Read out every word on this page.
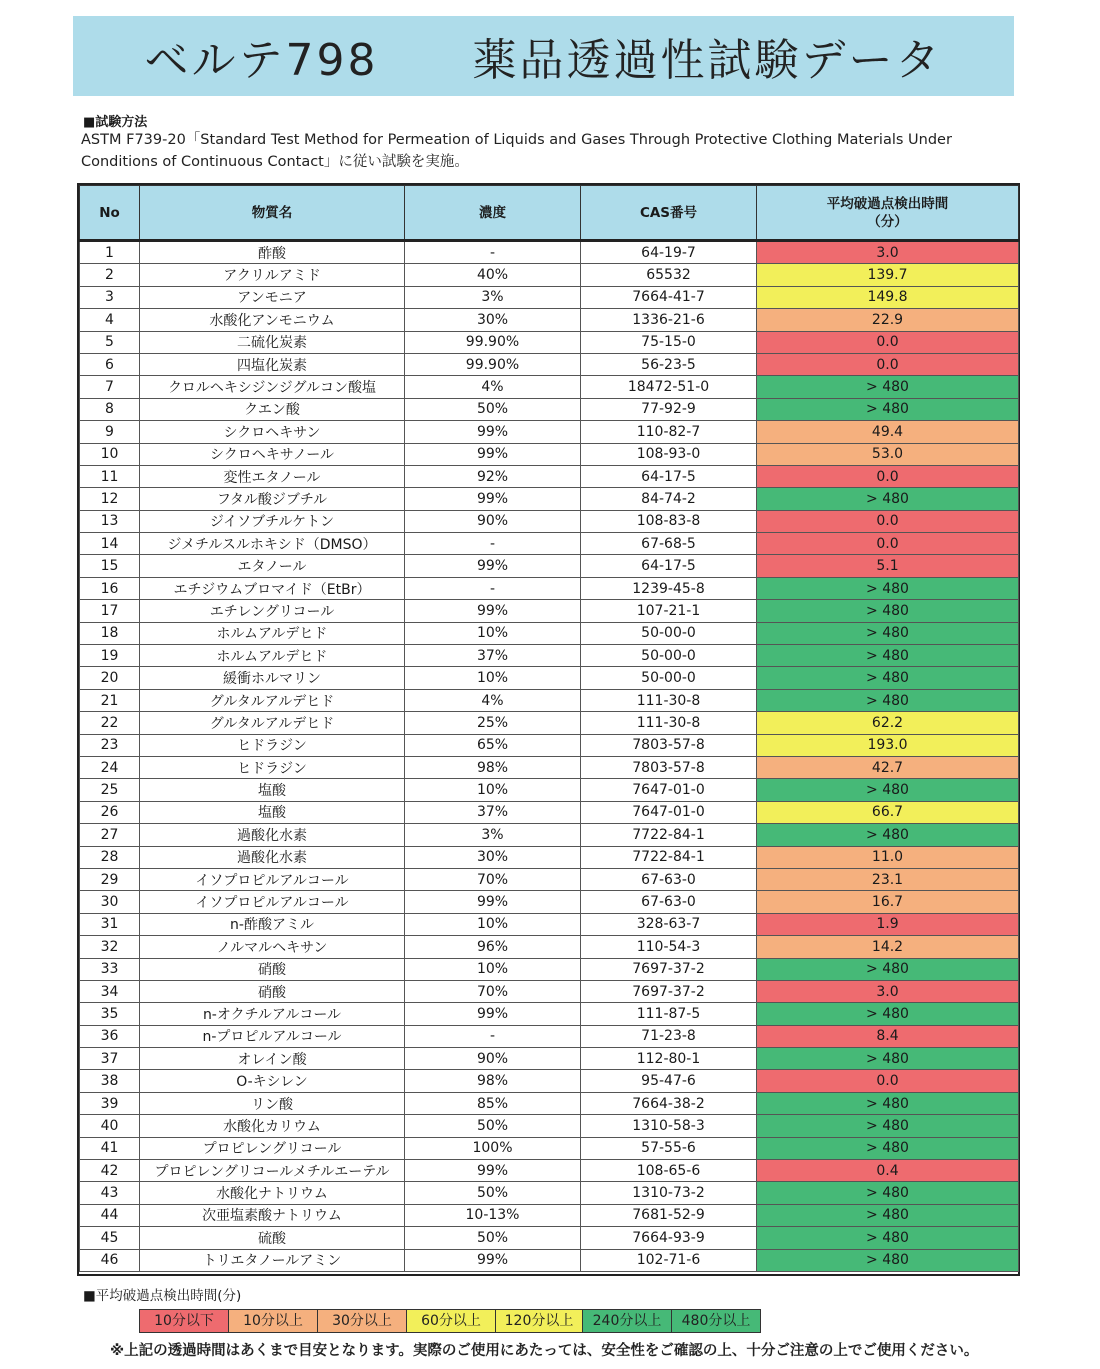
ベルテ798　　薬品透過性試験データ
■試験方法
ASTM F739-20「Standard Test Method for Permeation of Liquids and Gases Through Protective Clothing Materials Under Conditions of Continuous Contact」に従い試験を実施。
No	物質名	濃度	CAS番号	平均破過点検出時間
（分）

1	酢酸	-	64-19-7	3.0
2	アクリルアミド	40%	65532	139.7
3	アンモニア	3%	7664-41-7	149.8
4	水酸化アンモニウム	30%	1336-21-6	22.9
5	二硫化炭素	99.90%	75-15-0	0.0
6	四塩化炭素	99.90%	56-23-5	0.0
7	クロルヘキシジンジグルコン酸塩	4%	18472-51-0	> 480
8	クエン酸	50%	77-92-9	> 480
9	シクロヘキサン	99%	110-82-7	49.4
10	シクロヘキサノール	99%	108-93-0	53.0
11	変性エタノール	92%	64-17-5	0.0
12	フタル酸ジブチル	99%	84-74-2	> 480
13	ジイソブチルケトン	90%	108-83-8	0.0
14	ジメチルスルホキシド（DMSO）	-	67-68-5	0.0
15	エタノール	99%	64-17-5	5.1
16	エチジウムブロマイド（EtBr）	-	1239-45-8	> 480
17	エチレングリコール	99%	107-21-1	> 480
18	ホルムアルデヒド	10%	50-00-0	> 480
19	ホルムアルデヒド	37%	50-00-0	> 480
20	緩衝ホルマリン	10%	50-00-0	> 480
21	グルタルアルデヒド	4%	111-30-8	> 480
22	グルタルアルデヒド	25%	111-30-8	62.2
23	ヒドラジン	65%	7803-57-8	193.0
24	ヒドラジン	98%	7803-57-8	42.7
25	塩酸	10%	7647-01-0	> 480
26	塩酸	37%	7647-01-0	66.7
27	過酸化水素	3%	7722-84-1	> 480
28	過酸化水素	30%	7722-84-1	11.0
29	イソプロピルアルコール	70%	67-63-0	23.1
30	イソプロピルアルコール	99%	67-63-0	16.7
31	n-酢酸アミル	10%	328-63-7	1.9
32	ノルマルヘキサン	96%	110-54-3	14.2
33	硝酸	10%	7697-37-2	> 480
34	硝酸	70%	7697-37-2	3.0
35	n-オクチルアルコール	99%	111-87-5	> 480
36	n-プロピルアルコール	-	71-23-8	8.4
37	オレイン酸	90%	112-80-1	> 480
38	O-キシレン	98%	95-47-6	0.0
39	リン酸	85%	7664-38-2	> 480
40	水酸化カリウム	50%	1310-58-3	> 480
41	プロピレングリコール	100%	57-55-6	> 480
42	プロピレングリコールメチルエーテル	99%	108-65-6	0.4
43	水酸化ナトリウム	50%	1310-73-2	> 480
44	次亜塩素酸ナトリウム	10-13%	7681-52-9	> 480
45	硫酸	50%	7664-93-9	> 480
46	トリエタノールアミン	99%	102-71-6	> 480
■平均破過点検出時間(分)
10分以下	10分以上	30分以上	60分以上	120分以上	240分以上	480分以上
※上記の透過時間はあくまで目安となります。実際のご使用にあたっては、安全性をご確認の上、十分ご注意の上でご使用ください。
